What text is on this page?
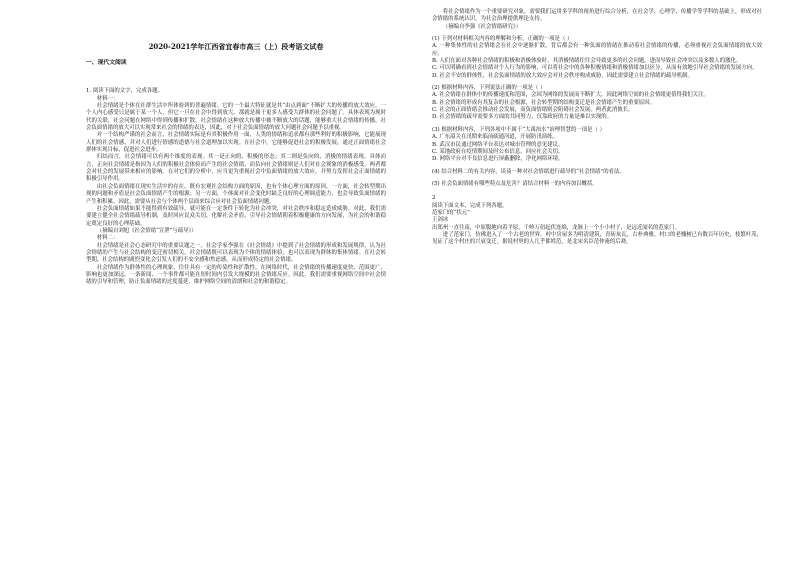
2020-2021学年江西省宜春市高三（上）段考语文试卷
一、现代文阅读

1. 阅读下面的文字，完成各题。

材料一：

社会情绪是个体在社群生活中所体验到的普遍情绪。它的一个最大特征就是其“由点到面”不断扩大的传播的放大效应。一个人内心感受只是属于某一个人，但它一旦在社会中得到放大，那就是属于更多人感受大群体的社会问题了。具体表现为现时代的关联，社会问题在网络中得到传播和扩散。社会情绪在这种放大传播中被不断放大的话题，能够重大社会情绪的传播，社会负面情绪的放大可以实现常来社会的情绪的表达，因此，对于社会负面情绪的放大问题社会问题予以重视。

对一个结构严谨的社会而言，社会情绪实际是有其积极作用一面，人类的情绪和追求都有那些利好的积极影响，它能展现人们的社会情感，并对人们进行情感的道德与社会道理加以实现。在社会中，它能够促进社会的积极发展，通过正面情绪社会群体实现目标，促进社会进步。

归结而言，社会情绪可以有两个维度的表现。其一是正向的、积极的形态；其二则是负向的、消极的情绪表现。具体而言，正向社会情绪是指因为人们的积极社会体验而产生的社会情绪，而负向社会情绪则是人们对社会现象的消极感受。两者都会对社会的发展带来相应的影响。在对它们的分析中，应当更为重视社会中负面情绪的放大效应，并努力发挥社会正面情绪的积极引导作用。

由社会负面情绪在现实生活中的存在，既有宏观社会结构方面的原因，也有个体心理方面的原因。一方面，社会转型期出现的问题和矛盾是社会负面情绪产生的根源；另一方面，个体面对社会变化时缺乏良好的心理调适能力，也会导致负面情绪的产生和积累。因此，需要从社会与个体两个层面来综合应对社会负面情绪问题。

社会负面情绪如果不能得到有效疏导，就可能在一定条件下转化为社会冲突，对社会秩序和稳定造成威胁。对此，我们需要建立健全社会情绪疏导机制，及时回应民众关切，化解社会矛盾，引导社会情绪朝着积极健康的方向发展，为社会的和谐稳定奠定良好的心理基础。

（摘编自刘旭《社会情绪“宣泄”与疏导》）

材料二：

社会情绪是社会心态研究中的重要议题之一。社会学家李强在《社会情绪》中提到了社会情绪的形成和发展规律，认为社会情绪的产生与社会结构的变迁密切相关。社会情绪既可以表现为个体的情绪体验，也可以表现为群体的集体情绪。在社会转型期，社会结构的剧烈变化会引发人们的不安全感和焦虑感，从而形成特定的社会情绪。

社会情绪作为群体性的心理现象，往往具有一定的传染性和扩散性。在网络时代，社会情绪的传播速度更快、范围更广，影响也更加深远。一条新闻、一个事件都可能在短时间内引发大规模的社会情绪反应。因此，我们需要重视网络空间中社会情绪的引导和管理，防止负面情绪的过度蔓延，维护网络空间的清朗和社会的和谐稳定。

将社会情绪作为一个重要研究对象，需要我们运用多学科的视角进行综合分析，在社会学、心理学、传播学等学科的基础上，形成对社会情绪的系统认识，为社会治理提供理论支持。

（摘编自李强《社会情绪研究》）

(1) 下列对材料相关内容的理解和分析，正确的一项是（ ）

A. 一种集体性的社会情绪会在社会中逐渐扩散，背后都会有一种负面的情绪在推动着社会情绪的传播，必须重视社会负面情绪的放大效应。

B. 人们在面对各种社会情绪的积极和消极体验时，其消极情绪往往会导致更多的社会问题，进而导致社会冲突以及多数人的激化。

C. 可以明确看到社会情绪对个人行为的影响，可以将社会中的各种积极情绪和消极情绪加以区分，从而有效地引导社会情绪的发展方向。

D. 社会不安的群体性，社会负面情绪的放大效应会对社会秩序构成威胁，因此需要建立社会情绪的疏导机制。

(2) 根据材料内容，下列说法正确的一项是（ ）

A. 社会情绪在群体中的传播速度和范围，会因为网络的发展而不断扩大，因此网络空间的社会情绪更值得我们关注。

B. 社会情绪的形成有其复杂的社会根源，社会转型期的结构变迁是社会情绪产生的重要原因。

C. 社会的正面情绪会推动社会发展，而负面情绪则会阻碍社会发展，两者此消彼长。

D. 社会情绪的疏导需要多方面的共同努力，仅靠政府的力量是难以实现的。

(3) 根据材料内容，下列各项中不属于“大禹治水”治理智慧的一项是（ ）

A. 广东韶关在汛期来临前疏通河道，开展防汛演练。

B. 武汉市民通过网络平台表达对城市管理的意见建议。

C. 某地政府在疫情期间及时公布信息，回应社会关切。

D. 网络平台对不良信息进行屏蔽删除，净化网络环境。

(4) 结合材料二的有关内容，谈谈一种对社会情绪进行疏导的“社会情绪”的看法。

(5) 社会负面情绪有哪些特点及危害？请结合材料一的内容加以概括。

2

阅读下面文本，完成下列各题。

范家门的“状元”

王剑冰

出郑州一直往南，中原腹地向着平原，千岭万仞起伏连绵，龙脉上一个小小村子，是远近闻名的范家门。

进了范家门，仿佛进入了一个古老的世界。村中房屋多为明清建筑，青砖灰瓦，古朴典雅。村口的老槐树已有数百年历史，枝繁叶茂，见证了这个村庄的兴衰变迁。据说村里的人几乎都姓范，是北宋名臣范仲淹的后裔。
